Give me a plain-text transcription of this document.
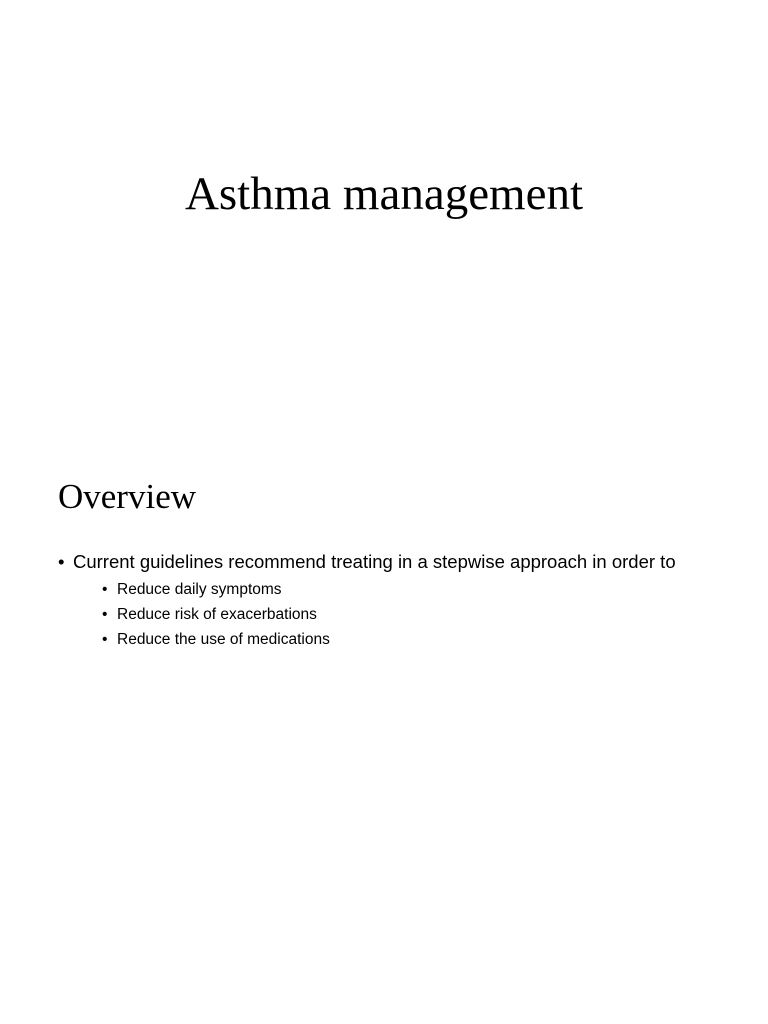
Asthma management
Overview
• Current guidelines recommend treating in a stepwise approach in order to
• Reduce daily symptoms
• Reduce risk of exacerbations
• Reduce the use of medications
